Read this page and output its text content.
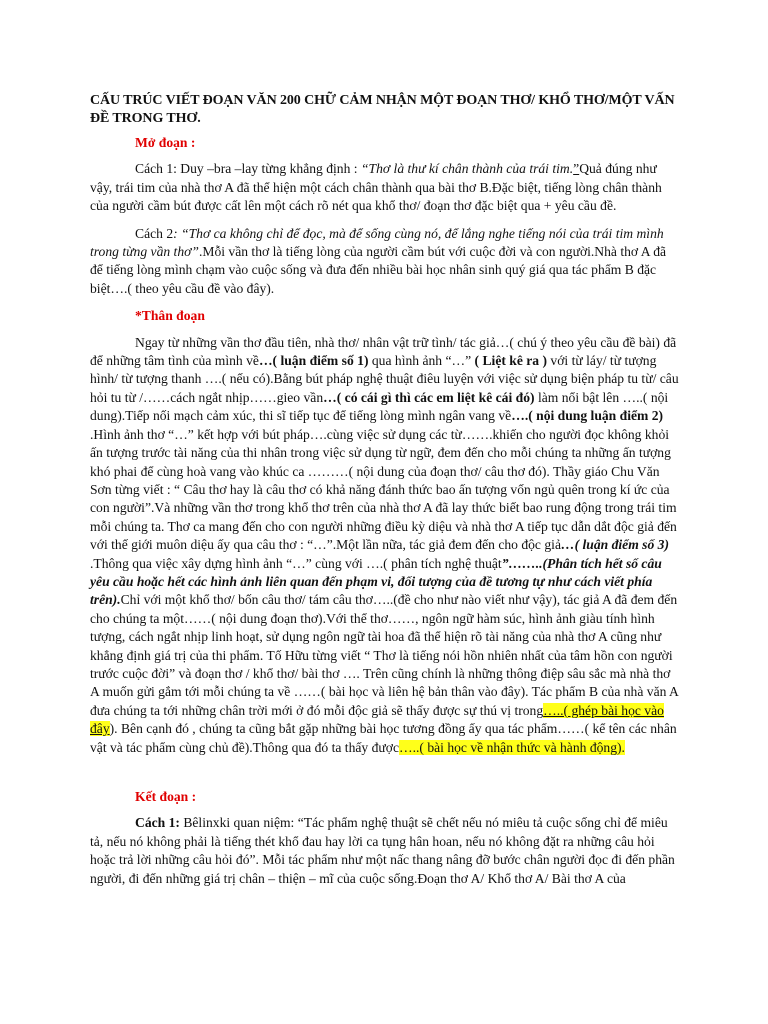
CẤU TRÚC VIẾT ĐOẠN VĂN 200 CHỮ CẢM NHẬN MỘT ĐOẠN THƠ/ KHỔ THƠ/MỘT VẤN ĐỀ TRONG THƠ.
Mở đoạn :

Cách 1: Duy –bra –lay từng khẳng định : “Thơ là thư kí chân thành của trái tim.”Quả đúng như vậy, trái tim của nhà thơ A đã thể hiện một cách chân thành qua bài thơ B.Đặc biệt, tiếng lòng chân thành của người cầm bút được cất lên một cách rõ nét qua khổ thơ/ đoạn thơ đặc biệt qua + yêu cầu đề.

Cách 2: “Thơ ca không chỉ để đọc, mà để sống cùng nó, để lắng nghe tiếng nói của trái tim mình trong từng vần thơ”.Mỗi vần thơ là tiếng lòng của người cầm bút với cuộc đời và con người.Nhà thơ A đã để tiếng lòng mình chạm vào cuộc sống và đưa đến nhiều bài học nhân sinh quý giá qua tác phẩm B đặc biệt….( theo yêu cầu đề vào đây).

*Thân đoạn

Ngay từ những vần thơ đầu tiên, nhà thơ/ nhân vật trữ tình/ tác giả…( chú ý theo yêu cầu đề bài) đã để những tâm tình của mình về…( luận điểm số 1) qua hình ảnh “…” ( Liệt kê ra ) với từ láy/ từ tượng hình/ từ tượng thanh ….( nếu có).Bằng bút pháp nghệ thuật điêu luyện với việc sử dụng biện pháp tu từ/ câu hỏi tu từ /……cách ngắt nhịp……gieo vần…( có cái gì thì các em liệt kê cái đó) làm nổi bật lên …..( nội dung).Tiếp nối mạch cảm xúc, thi sĩ tiếp tục để tiếng lòng mình ngân vang về….( nội dung luận điểm 2) .Hình ảnh thơ “…” kết hợp với bút pháp….cùng việc sử dụng các từ…….khiến cho người đọc không khỏi ấn tượng trước tài năng của thi nhân trong việc sử dụng từ ngữ, đem đến cho mỗi chúng ta những ấn tượng khó phai để cùng hoà vang vào khúc ca ………( nội dung của đoạn thơ/ câu thơ đó). Thầy giáo Chu Văn Sơn từng viết : “ Câu thơ hay là câu thơ có khả năng đánh thức bao ấn tượng vốn ngủ quên trong kí ức của con người”.Và những vần thơ trong khổ thơ trên của nhà thơ A đã lay thức biết bao rung động trong trái tim mỗi chúng ta. Thơ ca mang đến cho con người những điều kỳ diệu và nhà thơ A tiếp tục dẫn dắt độc giả đến với thế giới muôn diệu ấy qua câu thơ : “…”.Một lần nữa, tác giả đem đến cho độc giả…( luận điểm số 3) .Thông qua việc xây dựng hình ảnh “…” cùng với ….( phân tích nghệ thuật”……..(Phân tích hết số câu yêu cầu hoặc hết các hình ảnh liên quan đến phạm vi, đối tượng của đề tương tự như cách viết phía trên).Chỉ với một khổ thơ/ bốn câu thơ/ tám câu thơ…..(đề cho như nào viết như vậy), tác giả A đã đem đến cho chúng ta một……( nội dung đoạn thơ).Với thể thơ……, ngôn ngữ hàm súc, hình ảnh giàu tính hình tượng, cách ngắt nhịp linh hoạt, sử dụng ngôn ngữ tài hoa đã thể hiện rõ tài năng của nhà thơ A cũng như khẳng định giá trị của thi phẩm. Tố Hữu từng viết “ Thơ là tiếng nói hồn nhiên nhất của tâm hồn con người trước cuộc đời” và đoạn thơ / khổ thơ/ bài thơ …. Trên cũng chính là những thông điệp sâu sắc mà nhà thơ A muốn gửi gắm tới mỗi chúng ta về ……( bài học và liên hệ bản thân vào đây). Tác phẩm B của nhà văn A đưa chúng ta tới những chân trời mới ở đó mỗi độc giả sẽ thấy được sự thú vị trong…..( ghép bài học vào đây). Bên cạnh đó , chúng ta cũng bắt gặp những bài học tương đồng ấy qua tác phẩm……( kể tên các nhân vật và tác phẩm cùng chủ đề).Thông qua đó ta thấy được…..( bài học về nhận thức và hành động).

Kết đoạn :

Cách 1: Bêlinxki quan niệm: “Tác phẩm nghệ thuật sẽ chết nếu nó miêu tả cuộc sống chỉ để miêu tả, nếu nó không phải là tiếng thét khổ đau hay lời ca tụng hân hoan, nếu nó không đặt ra những câu hỏi hoặc trả lời những câu hỏi đó”. Mỗi tác phẩm như một nấc thang nâng đỡ bước chân người đọc đi đến phần người, đi đến những giá trị chân – thiện – mĩ của cuộc sống.Đoạn thơ A/ Khổ thơ A/ Bài thơ A của
